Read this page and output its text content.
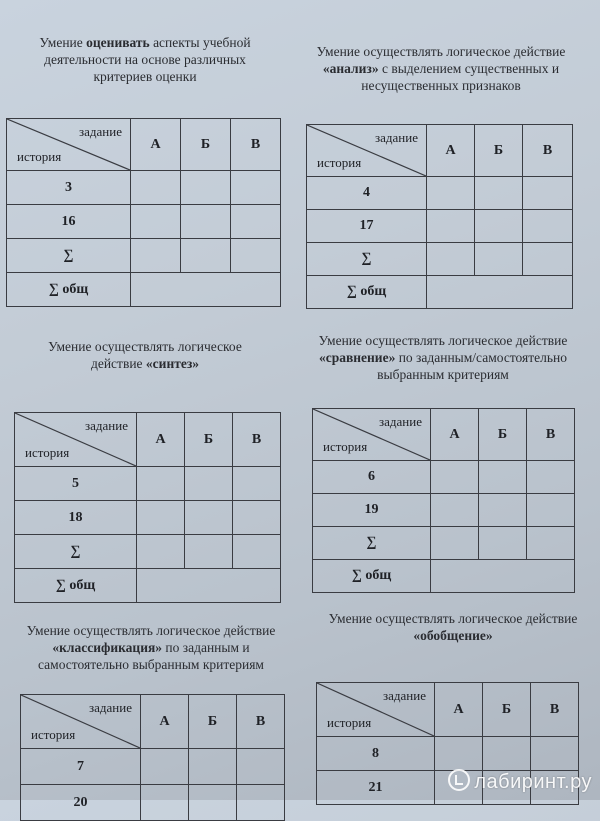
Умение оценивать аспекты учебной деятельности на основе различных критериев оценки
задание
история	А	Б	В
3			
16			
∑			
∑ общ			
Умение осуществлять логическое действие «анализ» с выделением существенных и несущественных признаков
задание
история	А	Б	В
4			
17			
∑			
∑ общ			
Умение осуществлять логическое действие «синтез»
задание
история	А	Б	В
5			
18			
∑			
∑ общ			
Умение осуществлять логическое действие «сравнение» по заданным/самостоятельно выбранным критериям
задание
история	А	Б	В
6			
19			
∑			
∑ общ			
Умение осуществлять логическое действие «классификация» по заданным и самостоятельно выбранным критериям
задание
история	А	Б	В
7			
20			
Умение осуществлять логическое действие «обобщение»
задание
история	А	Б	В
8			
21				лабиринт.ру
